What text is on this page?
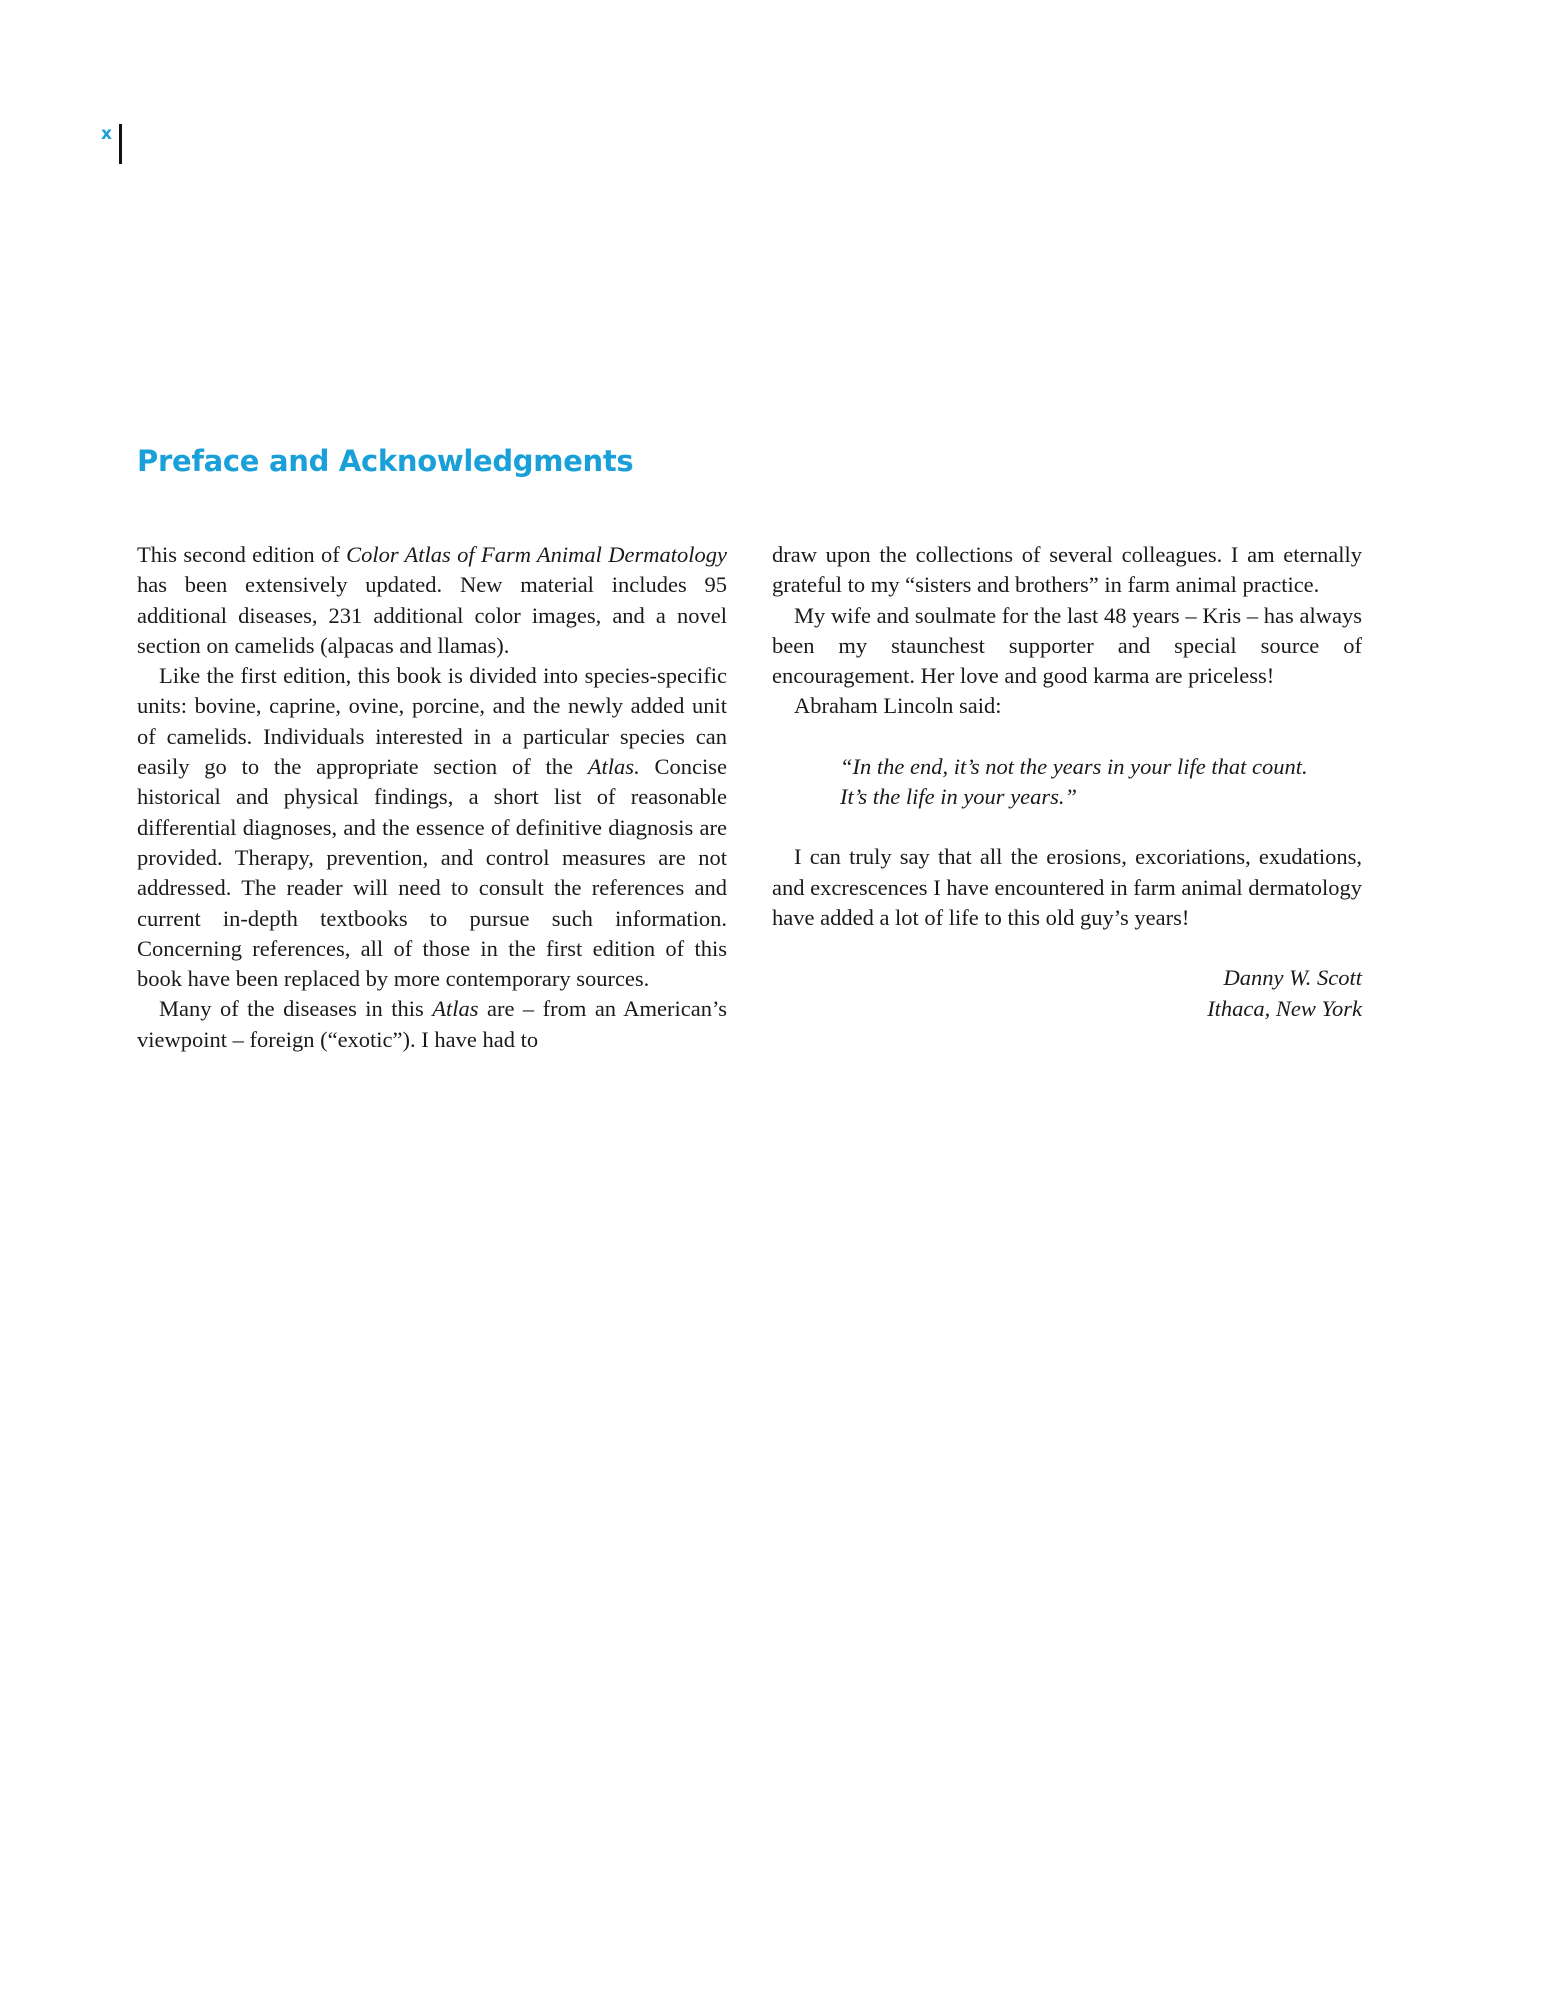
x
Preface and Acknowledgments

This second edition of Color Atlas of Farm Animal Dermatology has been extensively updated. New material includes 95 additional diseases, 231 additional color images, and a novel section on camelids (alpacas and llamas).

Like the first edition, this book is divided into species-specific units: bovine, caprine, ovine, porcine, and the newly added unit of camelids. Individuals interested in a particular species can easily go to the appropriate section of the Atlas. Concise historical and physical findings, a short list of reasonable differential diagnoses, and the essence of definitive diagnosis are provided. Therapy, prevention, and control measures are not addressed. The reader will need to consult the references and current in-depth textbooks to pursue such information. Concerning references, all of those in the first edition of this book have been replaced by more contemporary sources.

Many of the diseases in this Atlas are – from an American’s viewpoint – foreign (“exotic”). I have had to

draw upon the collections of several colleagues. I am eternally grateful to my “sisters and brothers” in farm animal practice.

My wife and soulmate for the last 48 years – Kris – has always been my staunchest supporter and special source of encouragement. Her love and good karma are priceless!

Abraham Lincoln said:

“In the end, it’s not the years in your life that count.
It’s the life in your years.”

I can truly say that all the erosions, excoriations, exudations, and excrescences I have encountered in farm animal dermatology have added a lot of life to this old guy’s years!

Danny W. Scott
Ithaca, New York
